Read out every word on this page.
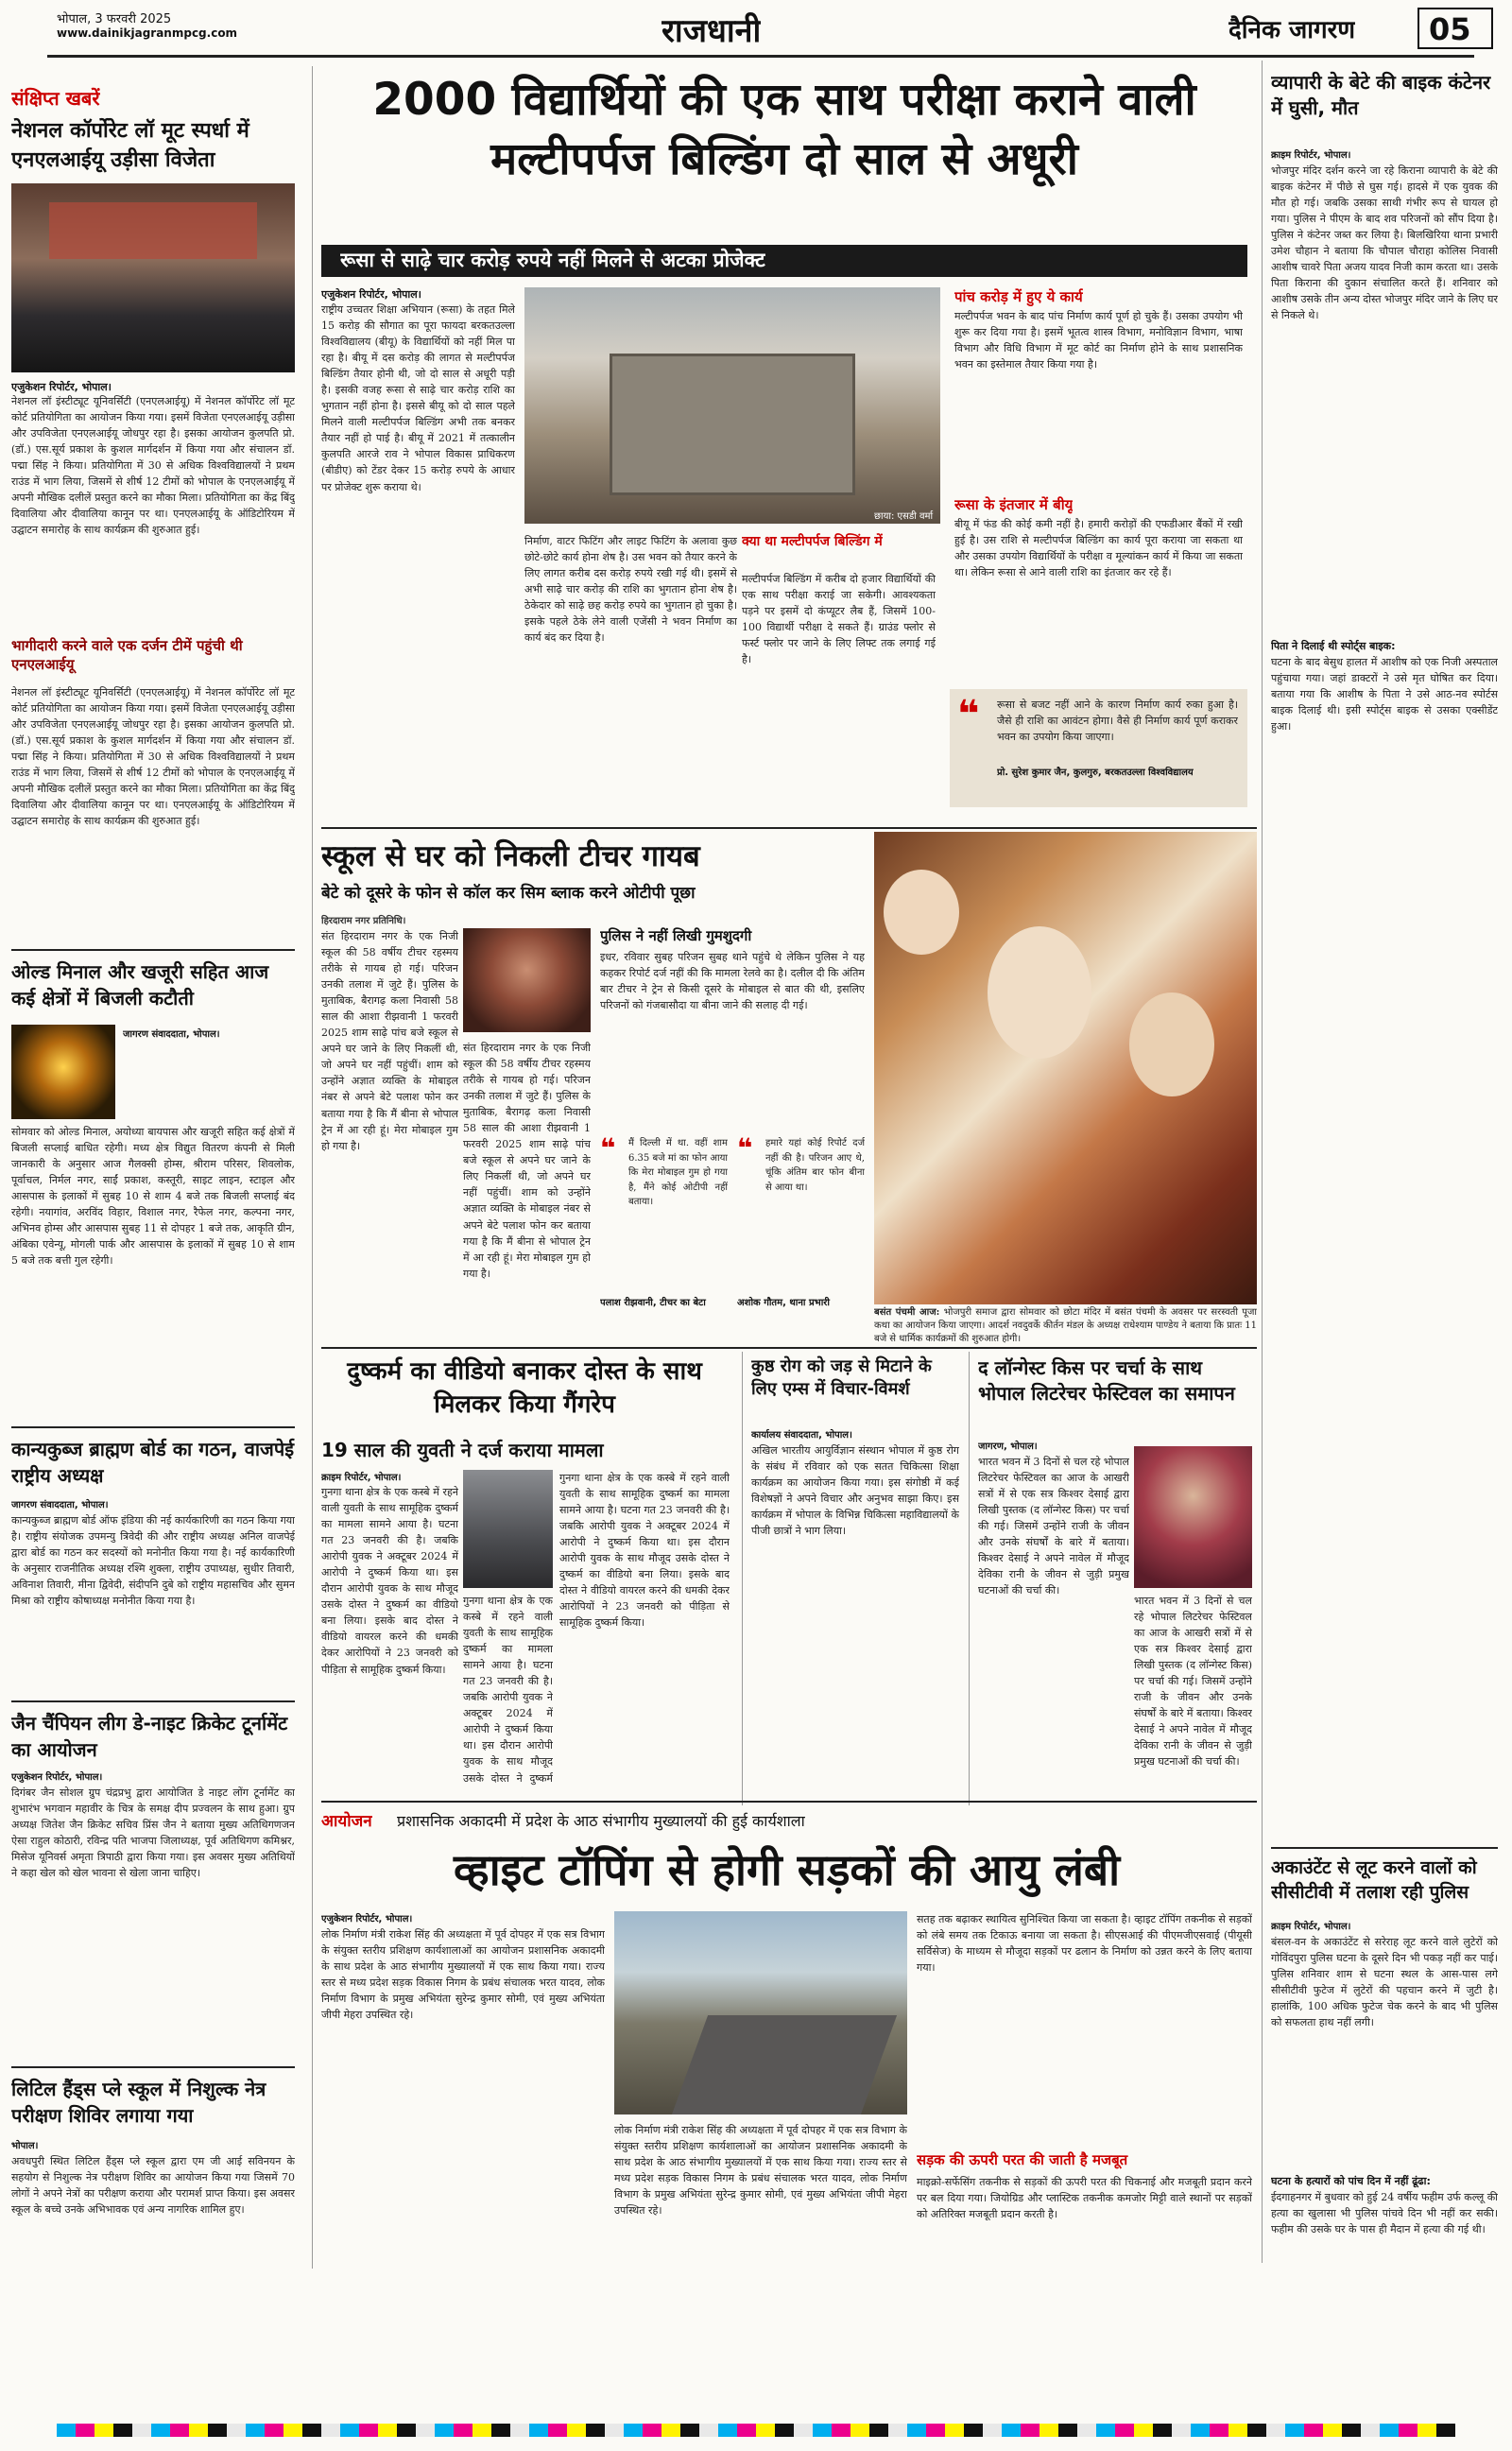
भोपाल, 3 फरवरी 2025
www.dainikjagranmpcg.com	राजधानी	दैनिक जागरण 05
संक्षिप्त खबरें
नेशनल कॉर्पोरेट लॉ मूट स्पर्धा में एनएलआईयू उड़ीसा विजेता
एजुकेशन रिपोर्टर, भोपाल।
नेशनल लॉ इंस्टीट्यूट यूनिवर्सिटी (एनएलआईयू) में नेशनल कॉर्पोरेट लॉ मूट कोर्ट प्रतियोगिता का आयोजन किया गया। इसमें विजेता एनएलआईयू उड़ीसा और उपविजेता एनएलआईयू जोधपुर रहा है। इसका आयोजन कुलपति प्रो. (डॉ.) एस.सूर्य प्रकाश के कुशल मार्गदर्शन में किया गया और संचालन डॉ. पद्मा सिंह ने किया। प्रतियोगिता में 30 से अधिक विश्वविद्यालयों ने प्रथम राउंड में भाग लिया, जिसमें से शीर्ष 12 टीमों को भोपाल के एनएलआईयू में अपनी मौखिक दलीलें प्रस्तुत करने का मौका मिला। प्रतियोगिता का केंद्र बिंदु दिवालिया और दीवालिया कानून पर था। एनएलआईयू के ऑडिटोरियम में उद्घाटन समारोह के साथ कार्यक्रम की शुरुआत हुई।
भागीदारी करने वाले एक दर्जन टीमें पहुंची थी एनएलआईयू
नेशनल लॉ इंस्टीट्यूट यूनिवर्सिटी (एनएलआईयू) में नेशनल कॉर्पोरेट लॉ मूट कोर्ट प्रतियोगिता का आयोजन किया गया। इसमें विजेता एनएलआईयू उड़ीसा और उपविजेता एनएलआईयू जोधपुर रहा है। इसका आयोजन कुलपति प्रो. (डॉ.) एस.सूर्य प्रकाश के कुशल मार्गदर्शन में किया गया और संचालन डॉ. पद्मा सिंह ने किया। प्रतियोगिता में 30 से अधिक विश्वविद्यालयों ने प्रथम राउंड में भाग लिया, जिसमें से शीर्ष 12 टीमों को भोपाल के एनएलआईयू में अपनी मौखिक दलीलें प्रस्तुत करने का मौका मिला। प्रतियोगिता का केंद्र बिंदु दिवालिया और दीवालिया कानून पर था। एनएलआईयू के ऑडिटोरियम में उद्घाटन समारोह के साथ कार्यक्रम की शुरुआत हुई।
ओल्ड मिनाल और खजूरी सहित आज कई क्षेत्रों में बिजली कटौती
जागरण संवाददाता, भोपाल।
सोमवार को ओल्ड मिनाल, अयोध्या बायपास और खजूरी सहित कई क्षेत्रों में बिजली सप्लाई बाधित रहेगी। मध्य क्षेत्र विद्युत वितरण कंपनी से मिली जानकारी के अनुसार आज गैलक्सी होम्स, श्रीराम परिसर, शिवलोक, पूर्वाचल, निर्मल नगर, साईं प्रकाश, कस्तूरी, साइट लाइन, स्टाइल और आसपास के इलाकों में सुबह 10 से शाम 4 बजे तक बिजली सप्लाई बंद रहेगी। नयागांव, अरविंद विहार, विशाल नगर, रैफेल नगर, कल्पना नगर, अभिनव होम्स और आसपास सुबह 11 से दोपहर 1 बजे तक, आकृति ग्रीन, अंबिका एवेन्यू, मोगली पार्क और आसपास के इलाकों में सुबह 10 से शाम 5 बजे तक बत्ती गुल रहेगी।
कान्यकुब्ज ब्राह्मण बोर्ड का गठन, वाजपेई राष्ट्रीय अध्यक्ष
जागरण संवाददाता, भोपाल।
कान्यकुब्ज ब्राह्मण बोर्ड ऑफ इंडिया की नई कार्यकारिणी का गठन किया गया है। राष्ट्रीय संयोजक उपमन्यु त्रिवेदी की और राष्ट्रीय अध्यक्ष अनिल वाजपेई द्वारा बोर्ड का गठन कर सदस्यों को मनोनीत किया गया है। नई कार्यकारिणी के अनुसार राजनीतिक अध्यक्ष रश्मि शुक्ला, राष्ट्रीय उपाध्यक्ष, सुधीर तिवारी, अविनाश तिवारी, मीना द्विवेदी, संदीपनि दुबे को राष्ट्रीय महासचिव और सुमन मिश्रा को राष्ट्रीय कोषाध्यक्ष मनोनीत किया गया है।
जैन चैंपियन लीग डे-नाइट क्रिकेट टूर्नामेंट का आयोजन
एजुकेशन रिपोर्टर, भोपाल।
दिगंबर जैन सोशल ग्रुप चंद्रप्रभु द्वारा आयोजित डे नाइट लोंग टूर्नामेंट का शुभारंभ भगवान महावीर के चित्र के समक्ष दीप प्रज्वलन के साथ हुआ। ग्रुप अध्यक्ष जितेश जैन क्रिकेट सचिव प्रिंस जैन ने बताया मुख्य अतिथिगणजन ऐसा राहुल कोठारी, रविन्द्र पति भाजपा जिलाध्यक्ष, पूर्व अतिथिगण कमिश्नर, मिसेज यूनिवर्स अमृता त्रिपाठी द्वारा किया गया। इस अवसर मुख्य अतिथियों ने कहा खेल को खेल भावना से खेला जाना चाहिए।
लिटिल हैंड्स प्ले स्कूल में निशुल्क नेत्र परीक्षण शिविर लगाया गया
भोपाल।
अवधपुरी स्थित लिटिल हैंड्स प्ले स्कूल द्वारा एम जी आई सविनयन के सहयोग से निशुल्क नेत्र परीक्षण शिविर का आयोजन किया गया जिसमें 70 लोगों ने अपने नेत्रों का परीक्षण कराया और परामर्श प्राप्त किया। इस अवसर स्कूल के बच्चे उनके अभिभावक एवं अन्य नागरिक शामिल हुए।
2000 विद्यार्थियों की एक साथ परीक्षा कराने वाली मल्टीपर्पज बिल्डिंग दो साल से अधूरी
रूसा से साढ़े चार करोड़ रुपये नहीं मिलने से अटका प्रोजेक्ट
एजुकेशन रिपोर्टर, भोपाल।
राष्ट्रीय उच्चतर शिक्षा अभियान (रूसा) के तहत मिले 15 करोड़ की सौगात का पूरा फायदा बरकतउल्ला विश्वविद्यालय (बीयू) के विद्यार्थियों को नहीं मिल पा रहा है। बीयू में दस करोड़ की लागत से मल्टीपर्पज बिल्डिंग तैयार होनी थी, जो दो साल से अधूरी पड़ी है। इसकी वजह रूसा से साढ़े चार करोड़ राशि का भुगतान नहीं होना है। इससे बीयू को दो साल पहले मिलने वाली मल्टीपर्पज बिल्डिंग अभी तक बनकर तैयार नहीं हो पाई है। बीयू में 2021 में तत्कालीन कुलपति आरजे राव ने भोपाल विकास प्राधिकरण (बीडीए) को टेंडर देकर 15 करोड़ रुपये के आधार पर प्रोजेक्ट शुरू कराया थे।
छाया: एसडी वर्मा
निर्माण, वाटर फिटिंग और लाइट फिटिंग के अलावा कुछ छोटे-छोटे कार्य होना शेष है। उस भवन को तैयार करने के लिए लागत करीब दस करोड़ रुपये रखी गई थी। इसमें से अभी साढ़े चार करोड़ की राशि का भुगतान होना शेष है। ठेकेदार को साढ़े छह करोड़ रुपये का भुगतान हो चुका है। इसके पहले ठेके लेने वाली एजेंसी ने भवन निर्माण का कार्य बंद कर दिया है।
पांच करोड़ में हुए ये कार्य
मल्टीपर्पज भवन के बाद पांच निर्माण कार्य पूर्ण हो चुके हैं। उसका उपयोग भी शुरू कर दिया गया है। इसमें भूतत्व शास्त्र विभाग, मनोविज्ञान विभाग, भाषा विभाग और विधि विभाग में मूट कोर्ट का निर्माण होने के साथ प्रशासनिक भवन का इस्तेमाल तैयार किया गया है।
रूसा के इंतजार में बीयू
बीयू में फंड की कोई कमी नहीं है। हमारी करोड़ों की एफडीआर बैंकों में रखी हुई है। उस राशि से मल्टीपर्पज बिल्डिंग का कार्य पूरा कराया जा सकता था और उसका उपयोग विद्यार्थियों के परीक्षा व मूल्यांकन कार्य में किया जा सकता था। लेकिन रूसा से आने वाली राशि का इंतजार कर रहे हैं।
क्या था मल्टीपर्पज बिल्डिंग में
मल्टीपर्पज बिल्डिंग में करीब दो हजार विद्यार्थियों की एक साथ परीक्षा कराई जा सकेगी। आवश्यकता पड़ने पर इसमें दो कंप्यूटर लैब हैं, जिसमें 100-100 विद्यार्थी परीक्षा दे सकते हैं। ग्राउंड फ्लोर से फर्स्ट फ्लोर पर जाने के लिए लिफ्ट तक लगाई गई है।
❝ रूसा से बजट नहीं आने के कारण निर्माण कार्य रुका हुआ है। जैसे ही राशि का आवंटन होगा। वैसे ही निर्माण कार्य पूर्ण कराकर भवन का उपयोग किया जाएगा।
प्रो. सुरेश कुमार जैन, कुलगुरु, बरकतउल्ला विश्वविद्यालय
व्यापारी के बेटे की बाइक कंटेनर में घुसी, मौत
क्राइम रिपोर्टर, भोपाल।
भोजपुर मंदिर दर्शन करने जा रहे किराना व्यापारी के बेटे की बाइक कंटेनर में पीछे से घुस गई। हादसे में एक युवक की मौत हो गई। जबकि उसका साथी गंभीर रूप से घायल हो गया। पुलिस ने पीएम के बाद शव परिजनों को सौंप दिया है। पुलिस ने कंटेनर जब्त कर लिया है। बिलखिरिया थाना प्रभारी उमेश चौहान ने बताया कि चौपाल चौराहा कोलिस निवासी आशीष चावरे पिता अजय यादव निजी काम करता था। उसके पिता किराना की दुकान संचालित करते हैं। शनिवार को आशीष उसके तीन अन्य दोस्त भोजपुर मंदिर जाने के लिए घर से निकले थे।
पिता ने दिलाई थी स्पोर्ट्स बाइक:
घटना के बाद बेसुध हालत में आशीष को एक निजी अस्पताल पहुंचाया गया। जहां डाक्टरों ने उसे मृत घोषित कर दिया। बताया गया कि आशीष के पिता ने उसे आठ-नव स्पोर्टस बाइक दिलाई थी। इसी स्पोर्ट्स बाइक से उसका एक्सीडेंट हुआ।
अकाउंटेंट से लूट करने वालों को सीसीटीवी में तलाश रही पुलिस
क्राइम रिपोर्टर, भोपाल।
बंसल-वन के अकाउंटेंट से सरेराह लूट करने वाले लुटेरों को गोविंदपुरा पुलिस घटना के दूसरे दिन भी पकड़ नहीं कर पाई। पुलिस शनिवार शाम से घटना स्थल के आस-पास लगे सीसीटीवी फुटेज में लुटेरों की पहचान करने में जुटी है। हालांकि, 100 अधिक फुटेज चेक करने के बाद भी पुलिस को सफलता हाथ नहीं लगी।
घटना के हत्यारों को पांच दिन में नहीं ढूंढा:
ईदगाहनगर में बुधवार को हुई 24 वर्षीय फहीम उर्फ कल्लू की हत्या का खुलासा भी पुलिस पांचवे दिन भी नहीं कर सकी। फहीम की उसके घर के पास ही मैदान में हत्या की गई थी।
स्कूल से घर को निकली टीचर गायब
बेटे को दूसरे के फोन से कॉल कर सिम ब्लाक करने ओटीपी पूछा
हिरदाराम नगर प्रतिनिधि।
संत हिरदाराम नगर के एक निजी स्कूल की 58 वर्षीय टीचर रहस्मय तरीके से गायब हो गई। परिजन उनकी तलाश में जुटे हैं। पुलिस के मुताबिक, बैरागढ़ कला निवासी 58 साल की आशा रीझवानी 1 फरवरी 2025 शाम साढ़े पांच बजे स्कूल से अपने घर जाने के लिए निकलीं थी, जो अपने घर नहीं पहुंचीं। शाम को उन्होंने अज्ञात व्यक्ति के मोबाइल नंबर से अपने बेटे पलाश फोन कर बताया गया है कि मैं बीना से भोपाल ट्रेन में आ रही हूं। मेरा मोबाइल गुम हो गया है।
संत हिरदाराम नगर के एक निजी स्कूल की 58 वर्षीय टीचर रहस्मय तरीके से गायब हो गई। परिजन उनकी तलाश में जुटे हैं। पुलिस के मुताबिक, बैरागढ़ कला निवासी 58 साल की आशा रीझवानी 1 फरवरी 2025 शाम साढ़े पांच बजे स्कूल से अपने घर जाने के लिए निकलीं थी, जो अपने घर नहीं पहुंचीं। शाम को उन्होंने अज्ञात व्यक्ति के मोबाइल नंबर से अपने बेटे पलाश फोन कर बताया गया है कि मैं बीना से भोपाल ट्रेन में आ रही हूं। मेरा मोबाइल गुम हो गया है।
पुलिस ने नहीं लिखी गुमशुदगी
इधर, रविवार सुबह परिजन सुबह थाने पहुंचे थे लेकिन पुलिस ने यह कहकर रिपोर्ट दर्ज नहीं की कि मामला रेलवे का है। दलील दी कि अंतिम बार टीचर ने ट्रेन से किसी दूसरे के मोबाइल से बात की थी, इसलिए परिजनों को गंजबासौदा या बीना जाने की सलाह दी गई।
❝ मैं दिल्ली में था. वहीं शाम 6.35 बजे मां का फोन आया कि मेरा मोबाइल गुम हो गया है, मैंने कोई ओटीपी नहीं बताया।
पलाश रीझवानी, टीचर का बेटा
❝ हमारे यहां कोई रिपोर्ट दर्ज नहीं की है। परिजन आए थे, चूंकि अंतिम बार फोन बीना से आया था।
अशोक गौतम, थाना प्रभारी
बसंत पंचमी आज: भोजपुरी समाज द्वारा सोमवार को छोटा मंदिर में बसंत पंचमी के अवसर पर सरस्वती पूजा कथा का आयोजन किया जाएगा। आदर्श नवदुवर्के कीर्तन मंडल के अध्यक्ष राधेश्याम पाण्डेय ने बताया कि प्रातः 11 बजे से धार्मिक कार्यक्रमों की शुरुआत होगी।
दुष्कर्म का वीडियो बनाकर दोस्त के साथ मिलकर किया गैंगरेप
19 साल की युवती ने दर्ज कराया मामला
क्राइम रिपोर्टर, भोपाल।
गुनगा थाना क्षेत्र के एक कस्बे में रहने वाली युवती के साथ सामूहिक दुष्कर्म का मामला सामने आया है। घटना गत 23 जनवरी की है। जबकि आरोपी युवक ने अक्टूबर 2024 में आरोपी ने दुष्कर्म किया था। इस दौरान आरोपी युवक के साथ मौजूद उसके दोस्त ने दुष्कर्म का वीडियो बना लिया। इसके बाद दोस्त ने वीडियो वायरल करने की धमकी देकर आरोपियों ने 23 जनवरी को पीड़िता से सामूहिक दुष्कर्म किया।
गुनगा थाना क्षेत्र के एक कस्बे में रहने वाली युवती के साथ सामूहिक दुष्कर्म का मामला सामने आया है। घटना गत 23 जनवरी की है। जबकि आरोपी युवक ने अक्टूबर 2024 में आरोपी ने दुष्कर्म किया था। इस दौरान आरोपी युवक के साथ मौजूद उसके दोस्त ने दुष्कर्म
गुनगा थाना क्षेत्र के एक कस्बे में रहने वाली युवती के साथ सामूहिक दुष्कर्म का मामला सामने आया है। घटना गत 23 जनवरी की है। जबकि आरोपी युवक ने अक्टूबर 2024 में आरोपी ने दुष्कर्म किया था। इस दौरान आरोपी युवक के साथ मौजूद उसके दोस्त ने दुष्कर्म का वीडियो बना लिया। इसके बाद दोस्त ने वीडियो वायरल करने की धमकी देकर आरोपियों ने 23 जनवरी को पीड़िता से सामूहिक दुष्कर्म किया।
कुष्ठ रोग को जड़ से मिटाने के लिए एम्स में विचार-विमर्श
कार्यालय संवाददाता, भोपाल।
अखिल भारतीय आयुर्विज्ञान संस्थान भोपाल में कुष्ठ रोग के संबंध में रविवार को एक सतत चिकित्सा शिक्षा कार्यक्रम का आयोजन किया गया। इस संगोष्ठी में कई विशेषज्ञों ने अपने विचार और अनुभव साझा किए। इस कार्यक्रम में भोपाल के विभिन्न चिकित्सा महाविद्यालयों के पीजी छात्रों ने भाग लिया।
द लॉन्गेस्ट किस पर चर्चा के साथ भोपाल लिटरेचर फेस्टिवल का समापन
जागरण, भोपाल।
भारत भवन में 3 दिनों से चल रहे भोपाल लिटरेचर फेस्टिवल का आज के आखरी सत्रों में से एक सत्र किश्वर देसाई द्वारा लिखी पुस्तक (द लॉन्गेस्ट किस) पर चर्चा की गई। जिसमें उन्होंने राजी के जीवन और उनके संघर्षों के बारे में बताया। किश्वर देसाई ने अपने नावेल में मौजूद देविका रानी के जीवन से जुड़ी प्रमुख घटनाओं की चर्चा की।
भारत भवन में 3 दिनों से चल रहे भोपाल लिटरेचर फेस्टिवल का आज के आखरी सत्रों में से एक सत्र किश्वर देसाई द्वारा लिखी पुस्तक (द लॉन्गेस्ट किस) पर चर्चा की गई। जिसमें उन्होंने राजी के जीवन और उनके संघर्षों के बारे में बताया। किश्वर देसाई ने अपने नावेल में मौजूद देविका रानी के जीवन से जुड़ी प्रमुख घटनाओं की चर्चा की।
आयोजन प्रशासनिक अकादमी में प्रदेश के आठ संभागीय मुख्यालयों की हुई कार्यशाला
व्हाइट टॉपिंग से होगी सड़कों की आयु लंबी
एजुकेशन रिपोर्टर, भोपाल।
लोक निर्माण मंत्री राकेश सिंह की अध्यक्षता में पूर्व दोपहर में एक सत्र विभाग के संयुक्त स्तरीय प्रशिक्षण कार्यशालाओं का आयोजन प्रशासनिक अकादमी के साथ प्रदेश के आठ संभागीय मुख्यालयों में एक साथ किया गया। राज्य स्तर से मध्य प्रदेश सड़क विकास निगम के प्रबंध संचालक भरत यादव, लोक निर्माण विभाग के प्रमुख अभियंता सुरेन्द्र कुमार सोमी, एवं मुख्य अभियंता जीपी मेहरा उपस्थित रहे।
लोक निर्माण मंत्री राकेश सिंह की अध्यक्षता में पूर्व दोपहर में एक सत्र विभाग के संयुक्त स्तरीय प्रशिक्षण कार्यशालाओं का आयोजन प्रशासनिक अकादमी के साथ प्रदेश के आठ संभागीय मुख्यालयों में एक साथ किया गया। राज्य स्तर से मध्य प्रदेश सड़क विकास निगम के प्रबंध संचालक भरत यादव, लोक निर्माण विभाग के प्रमुख अभियंता सुरेन्द्र कुमार सोमी, एवं मुख्य अभियंता जीपी मेहरा उपस्थित रहे।
सतह तक बढ़ाकर स्थायित्व सुनिश्चित किया जा सकता है। व्हाइट टॉपिंग तकनीक से सड़कों को लंबे समय तक टिकाऊ बनाया जा सकता है। सीएसआई की पीएमजीएसवाई (पीयूसी सर्विसेज) के माध्यम से मौजूदा सड़कों पर ढलान के निर्माण को उन्नत करने के लिए बताया गया।
सड़क की ऊपरी परत की जाती है मजबूत
माइक्रो-सर्फेसिंग तकनीक से सड़कों की ऊपरी परत की चिकनाई और मजबूती प्रदान करने पर बल दिया गया। जियोग्रिड और प्लास्टिक तकनीक कमजोर मिट्टी वाले स्थानों पर सड़कों को अतिरिक्त मजबूती प्रदान करती है।
